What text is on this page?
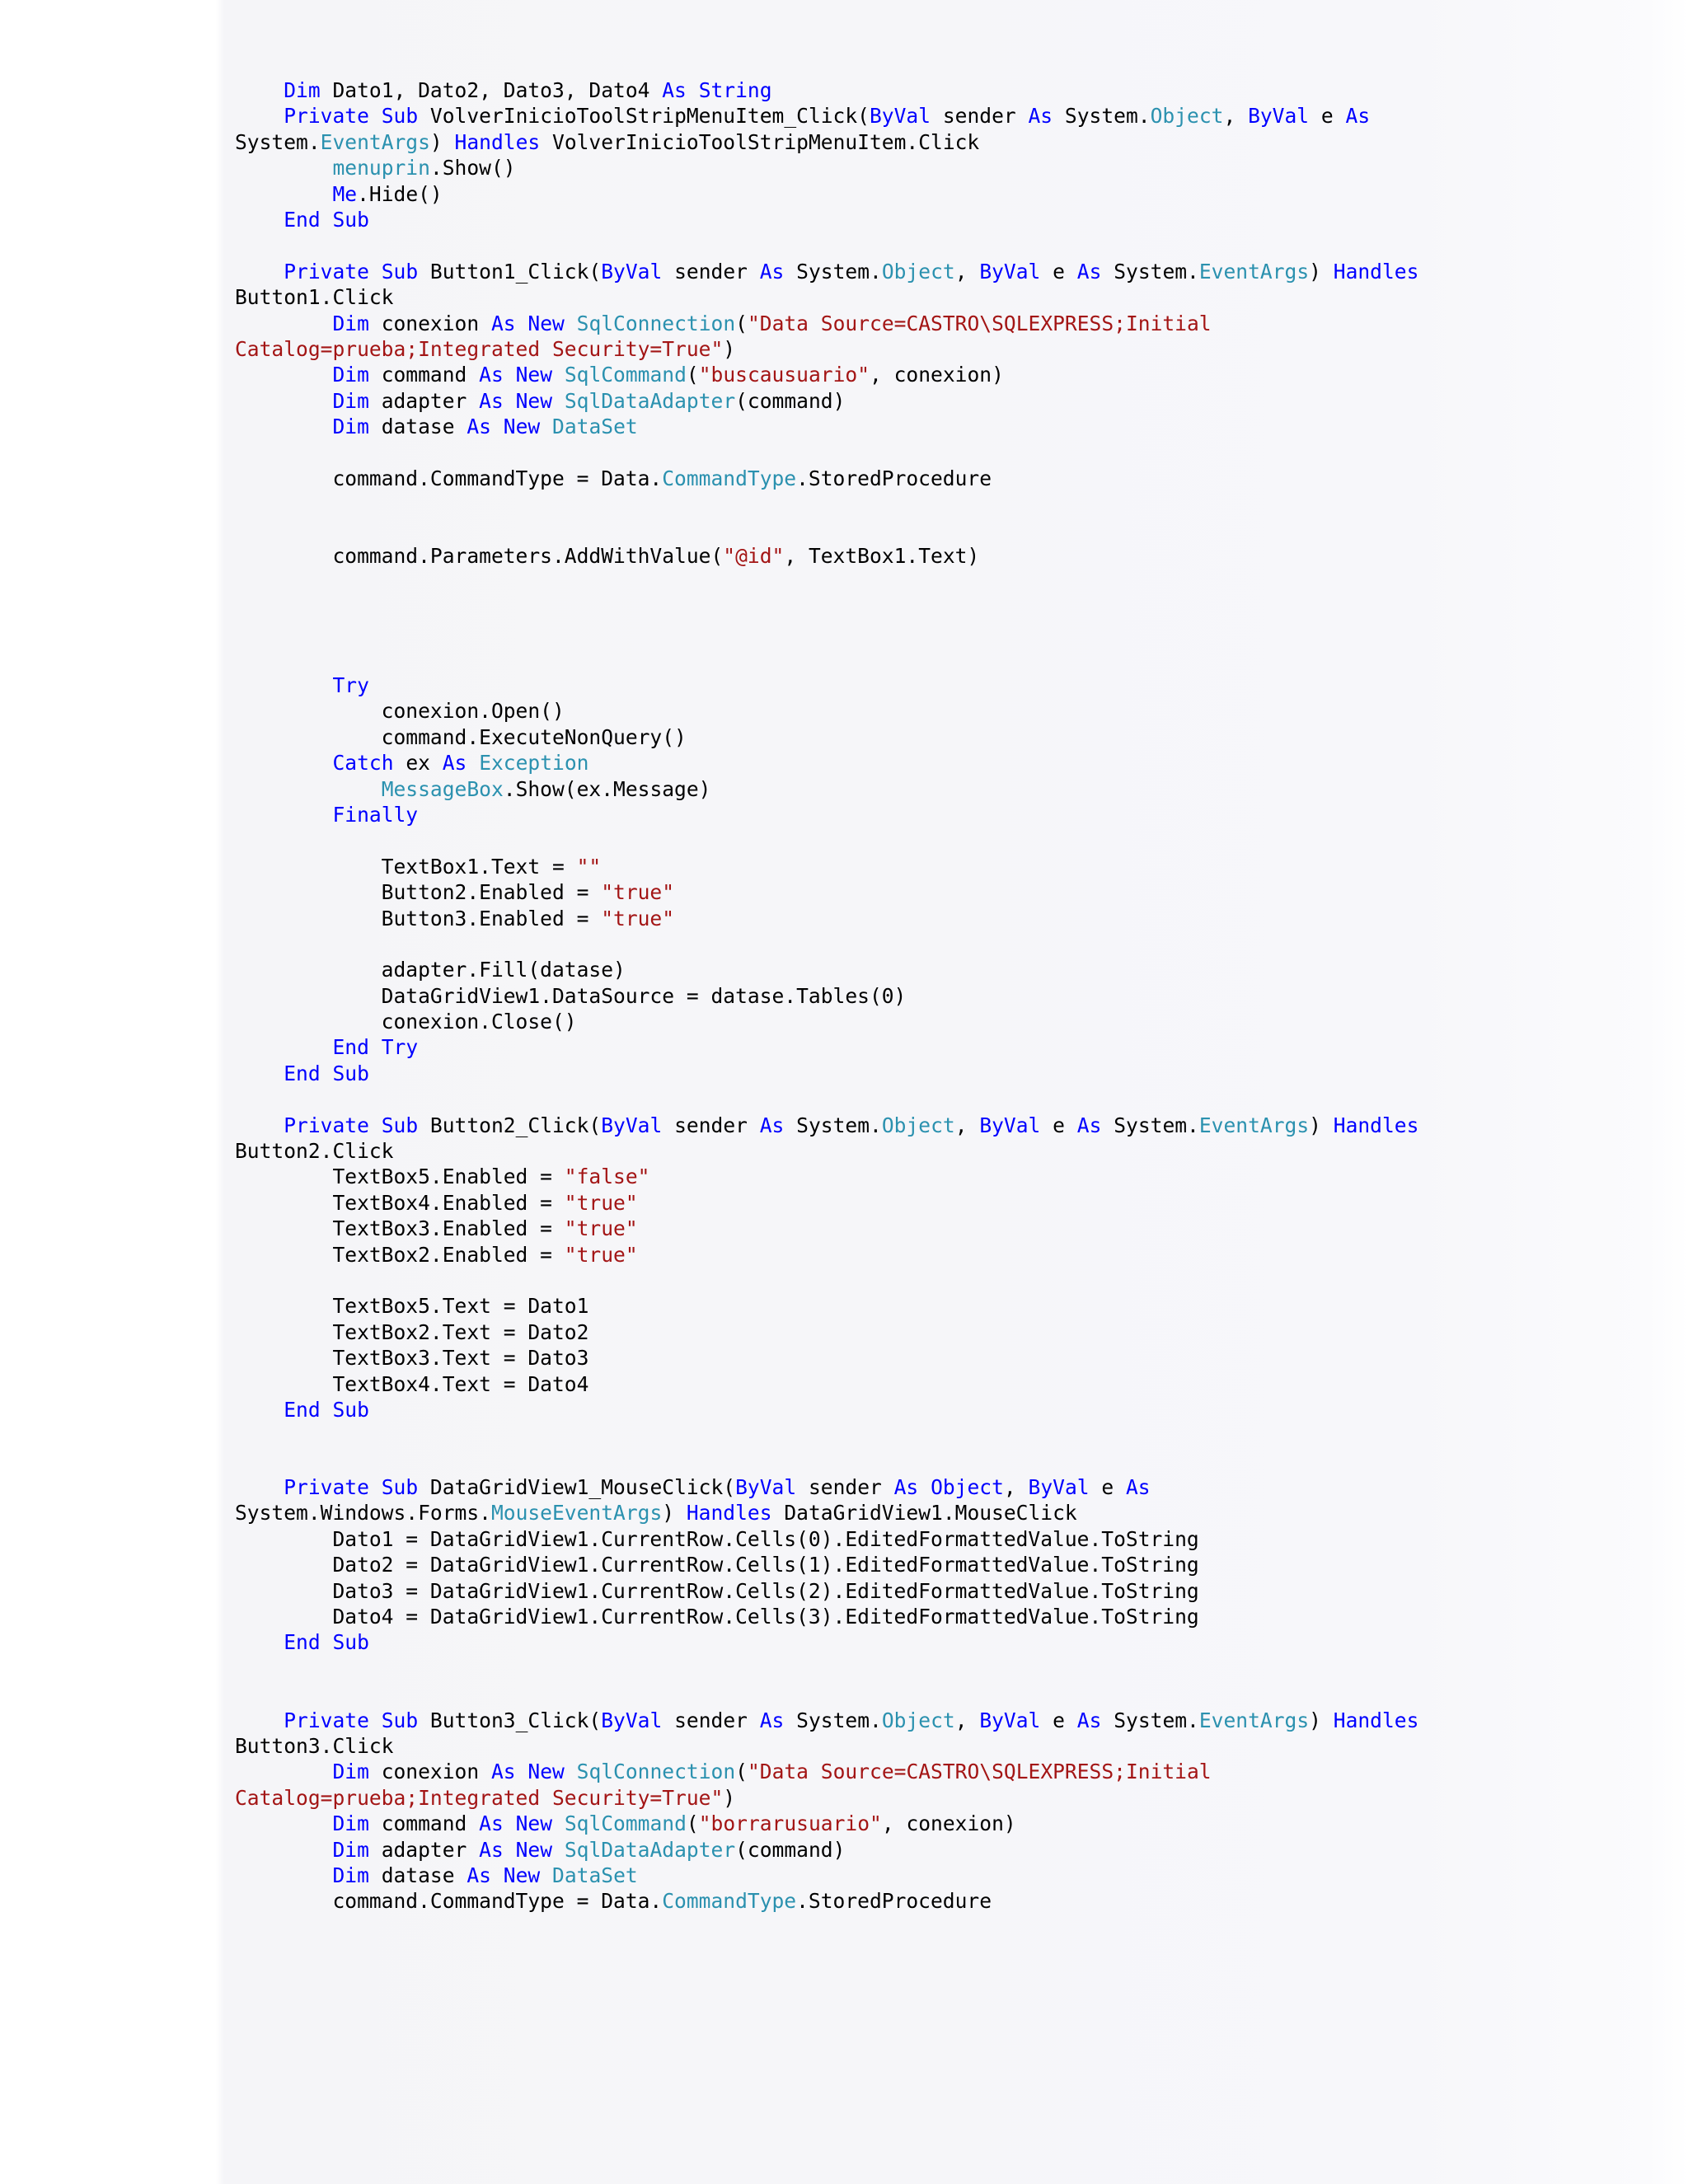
Dim Dato1, Dato2, Dato3, Dato4 As String
Private Sub VolverInicioToolStripMenuItem_Click(ByVal sender As System.Object, ByVal e As
System.EventArgs) Handles VolverInicioToolStripMenuItem.Click
menuprin.Show()
Me.Hide()
End Sub

Private Sub Button1_Click(ByVal sender As System.Object, ByVal e As System.EventArgs) Handles
Button1.Click
Dim conexion As New SqlConnection("Data Source=CASTRO\SQLEXPRESS;Initial
Catalog=prueba;Integrated Security=True")
Dim command As New SqlCommand("buscausuario", conexion)
Dim adapter As New SqlDataAdapter(command)
Dim datase As New DataSet

command.CommandType = Data.CommandType.StoredProcedure

command.Parameters.AddWithValue("@id", TextBox1.Text)

Try
conexion.Open()
command.ExecuteNonQuery()
Catch ex As Exception
MessageBox.Show(ex.Message)
Finally

TextBox1.Text = ""
Button2.Enabled = "true"
Button3.Enabled = "true"

adapter.Fill(datase)
DataGridView1.DataSource = datase.Tables(0)
conexion.Close()
End Try
End Sub

Private Sub Button2_Click(ByVal sender As System.Object, ByVal e As System.EventArgs) Handles
Button2.Click
TextBox5.Enabled = "false"
TextBox4.Enabled = "true"
TextBox3.Enabled = "true"
TextBox2.Enabled = "true"

TextBox5.Text = Dato1
TextBox2.Text = Dato2
TextBox3.Text = Dato3
TextBox4.Text = Dato4
End Sub

Private Sub DataGridView1_MouseClick(ByVal sender As Object, ByVal e As
System.Windows.Forms.MouseEventArgs) Handles DataGridView1.MouseClick
Dato1 = DataGridView1.CurrentRow.Cells(0).EditedFormattedValue.ToString
Dato2 = DataGridView1.CurrentRow.Cells(1).EditedFormattedValue.ToString
Dato3 = DataGridView1.CurrentRow.Cells(2).EditedFormattedValue.ToString
Dato4 = DataGridView1.CurrentRow.Cells(3).EditedFormattedValue.ToString
End Sub

Private Sub Button3_Click(ByVal sender As System.Object, ByVal e As System.EventArgs) Handles
Button3.Click
Dim conexion As New SqlConnection("Data Source=CASTRO\SQLEXPRESS;Initial
Catalog=prueba;Integrated Security=True")
Dim command As New SqlCommand("borrarusuario", conexion)
Dim adapter As New SqlDataAdapter(command)
Dim datase As New DataSet
command.CommandType = Data.CommandType.StoredProcedure
